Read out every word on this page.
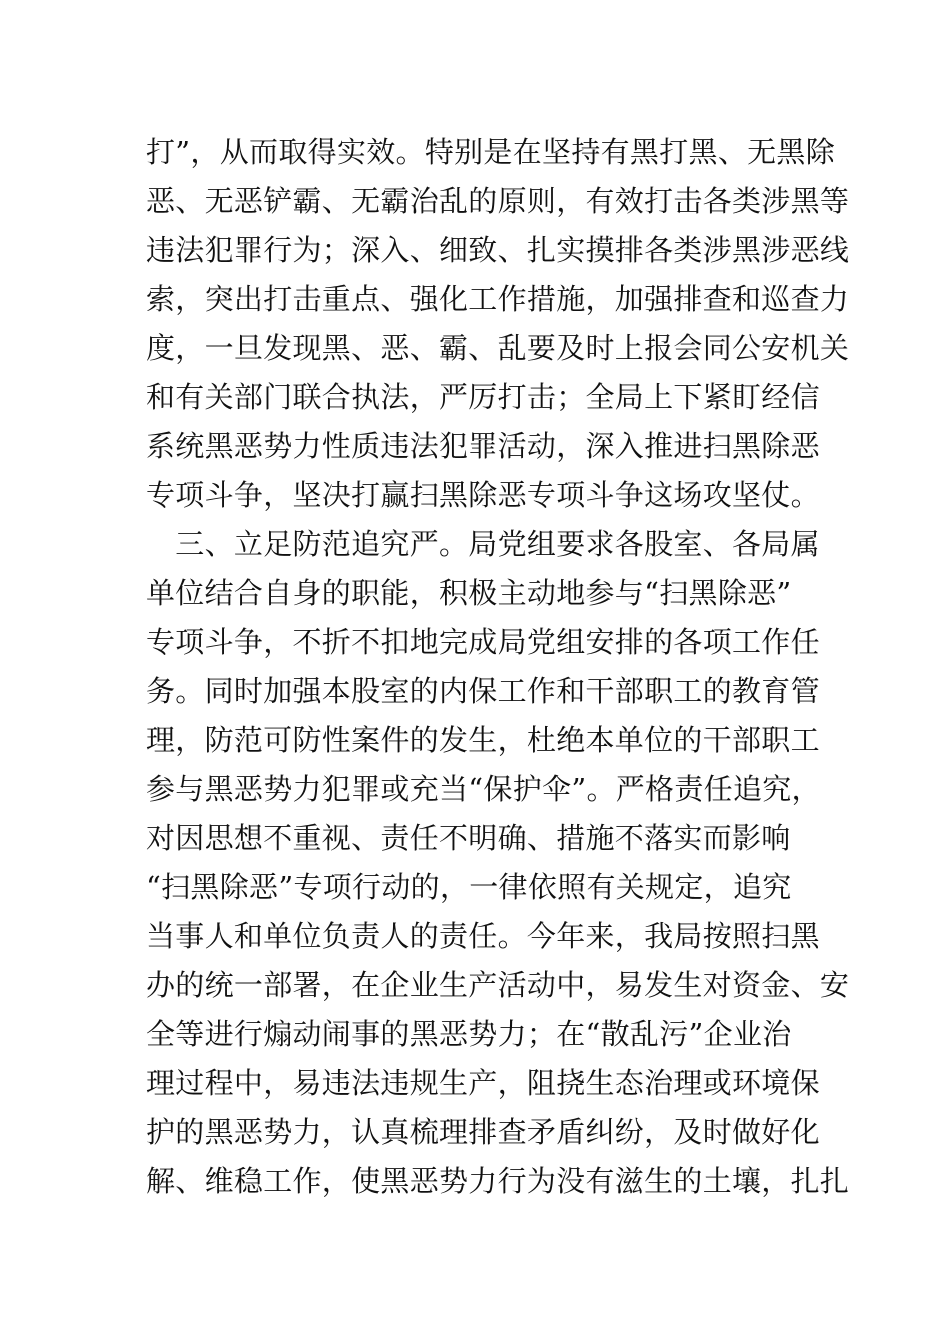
打”，从而取得实效。特别是在坚持有黑打黑、无黑除
恶、无恶铲霸、无霸治乱的原则，有效打击各类涉黑等
违法犯罪行为；深入、细致、扎实摸排各类涉黑涉恶线
索，突出打击重点、强化工作措施，加强排查和巡查力
度，一旦发现黑、恶、霸、乱要及时上报会同公安机关
和有关部门联合执法，严厉打击；全局上下紧盯经信
系统黑恶势力性质违法犯罪活动，深入推进扫黑除恶
专项斗争，坚决打赢扫黑除恶专项斗争这场攻坚仗。
　三、立足防范追究严。局党组要求各股室、各局属
单位结合自身的职能，积极主动地参与“扫黑除恶”
专项斗争，不折不扣地完成局党组安排的各项工作任
务。同时加强本股室的内保工作和干部职工的教育管
理，防范可防性案件的发生，杜绝本单位的干部职工
参与黑恶势力犯罪或充当“保护伞”。严格责任追究，
对因思想不重视、责任不明确、措施不落实而影响
“扫黑除恶”专项行动的，一律依照有关规定，追究
当事人和单位负责人的责任。今年来，我局按照扫黑
办的统一部署，在企业生产活动中，易发生对资金、安
全等进行煽动闹事的黑恶势力；在“散乱污”企业治
理过程中，易违法违规生产，阻挠生态治理或环境保
护的黑恶势力，认真梳理排查矛盾纠纷，及时做好化
解、维稳工作，使黑恶势力行为没有滋生的土壤，扎扎
